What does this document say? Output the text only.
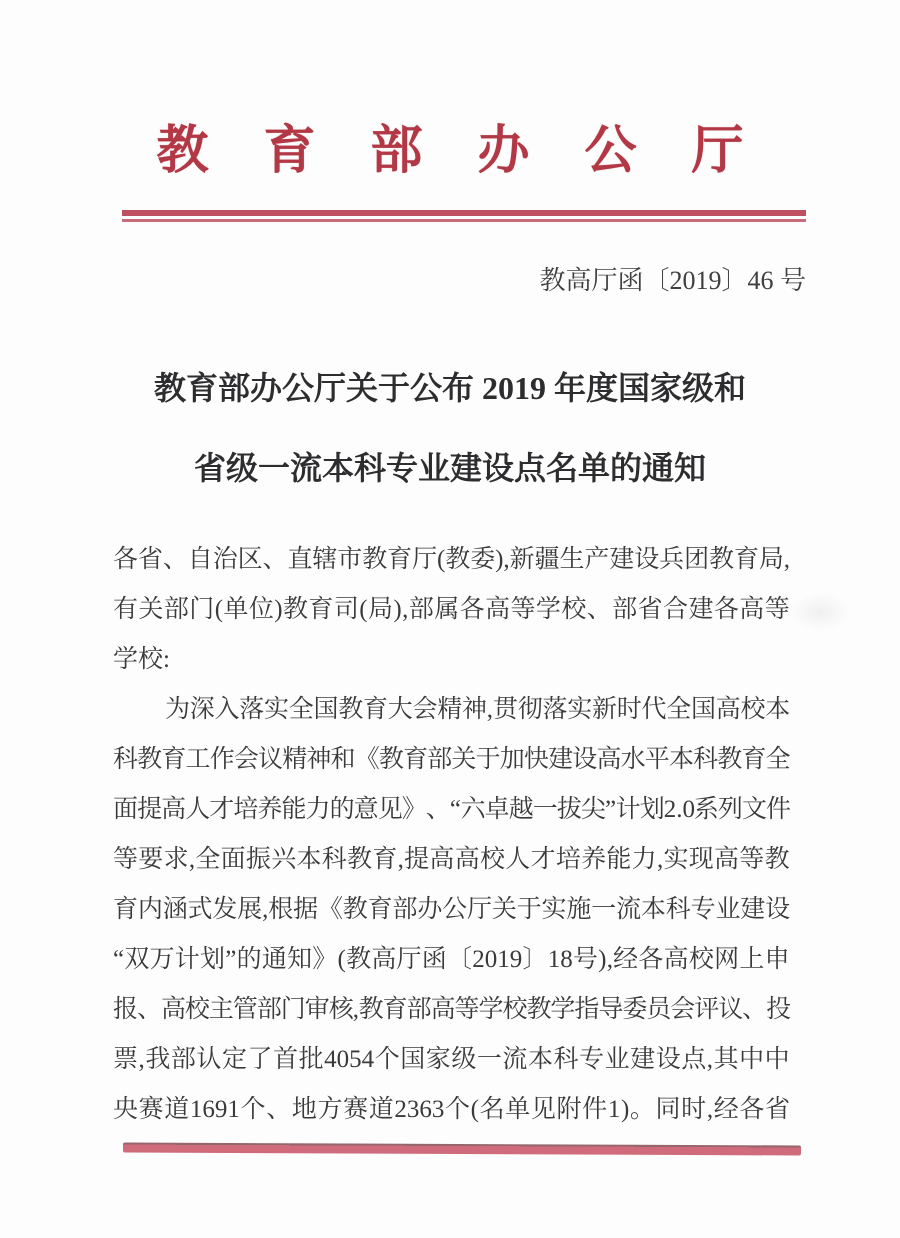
教育部办公厅
教高厅函〔2019〕46 号
教育部办公厅关于公布 2019 年度国家级和
省级一流本科专业建设点名单的通知
各 省 、 自 治 区 、 直 辖 市 教 育 厅 ( 教 委 ) , 新 疆 生 产 建 设 兵 团 教 育 局 ,
有 关 部 门 ( 单 位 ) 教 育 司 ( 局 ) , 部 属 各 高 等 学 校 、 部 省 合 建 各 高 等
学校:
为 深 入 落 实 全 国 教 育 大 会 精 神 , 贯 彻 落 实 新 时 代 全 国 高 校 本
科 教 育 工 作 会 议 精 神 和 《 教 育 部 关 于 加 快 建 设 高 水 平 本 科 教 育 全
面 提 高 人 才 培 养 能 力 的 意 见 》 、 “ 六 卓 越 一 拔 尖 ” 计 划 2.0
系 列 文 件
等 要 求 , 全 面 振 兴 本 科 教 育 , 提 高 高 校 人 才 培 养 能 力 , 实 现 高 等 教
育 内 涵 式 发 展 , 根 据 《 教 育 部 办 公 厅 关 于 实 施 一 流 本 科 专 业 建 设
“ 双 万 计 划 ” 的 通 知 》 ( 教 高 厅 函 〔 2019 〕 18 号 ) , 经 各 高 校 网 上 申
报
、
高
校
主
管
部
门
审
核
, 教
育
部
高
等
学
校
教
学
指
导
委
员
会
评
议
、
投
票 , 我 部 认 定 了 首 批 4054 个 国 家 级 一 流 本 科 专 业 建 设 点 , 其 中 中
央 赛 道 1691 个 、 地 方 赛 道 2363 个 ( 名 单 见 附 件 1 ) 。 同 时 , 经 各 省
